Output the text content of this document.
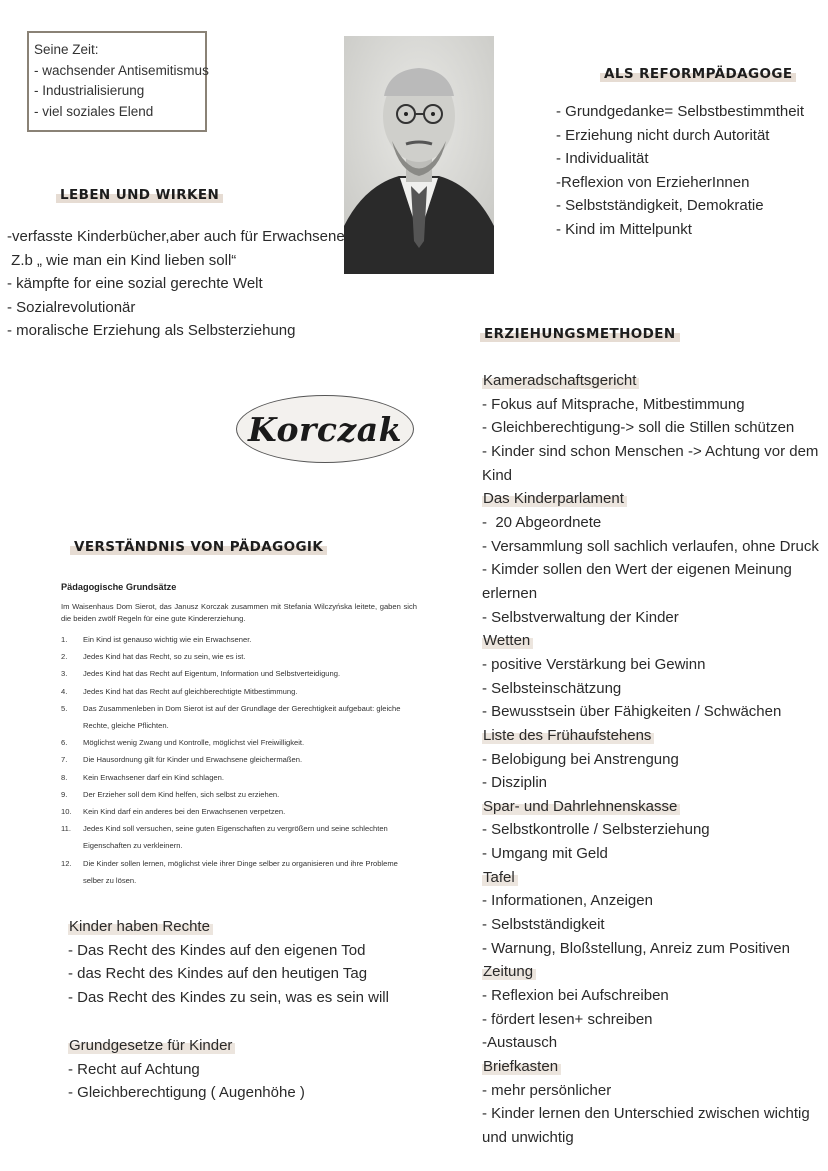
Seine Zeit:
- wachsender Antisemitismus
- Industrialisierung
- viel soziales Elend
LEBEN UND WIRKEN
-verfasste Kinderbücher,aber auch für Erwachsene
Z.b „ wie man ein Kind lieben soll“
- kämpfte for eine sozial gerechte Welt
- Sozialrevolutionär
- moralische Erziehung als Selbsterziehung
ALS REFORMPÄDAGOGE
- Grundgedanke= Selbstbestimmtheit
- Erziehung nicht durch Autorität
- Individualität
-Reflexion von ErzieherInnen
- Selbstständigkeit, Demokratie
- Kind im Mittelpunkt
Korczak
VERSTÄNDNIS VON PÄDAGOGIK
Pädagogische Grundsätze
Im Waisenhaus Dom Sierot, das Janusz Korczak zusammen mit Stefania Wilczyńska leitete, gaben sich die beiden zwölf Regeln für eine gute Kindererziehung.
1.	Ein Kind ist genauso wichtig wie ein Erwachsener.
2.	Jedes Kind hat das Recht, so zu sein, wie es ist.
3.	Jedes Kind hat das Recht auf Eigentum, Information und Selbstverteidigung.
4.	Jedes Kind hat das Recht auf gleichberechtigte Mitbestimmung.
5.	Das Zusammenleben in Dom Sierot ist auf der Grundlage der Gerechtigkeit aufgebaut: gleiche Rechte, gleiche Pflichten.
6.	Möglichst wenig Zwang und Kontrolle, möglichst viel Freiwilligkeit.
7.	Die Hausordnung gilt für Kinder und Erwachsene gleichermaßen.
8.	Kein Erwachsener darf ein Kind schlagen.
9.	Der Erzieher soll dem Kind helfen, sich selbst zu erziehen.
10.	Kein Kind darf ein anderes bei den Erwachsenen verpetzen.
11.	Jedes Kind soll versuchen, seine guten Eigenschaften zu vergrößern und seine schlechten Eigenschaften zu verkleinern.
12.	Die Kinder sollen lernen, möglichst viele ihrer Dinge selber zu organisieren und ihre Probleme selber zu lösen.
Kinder haben Rechte
- Das Recht des Kindes auf den eigenen Tod
- das Recht des Kindes auf den heutigen Tag
- Das Recht des Kindes zu sein, was es sein will
Grundgesetze für Kinder
- Recht auf Achtung
- Gleichberechtigung ( Augenhöhe )
ERZIEHUNGSMETHODEN
Kameradschaftsgericht
- Fokus auf Mitsprache, Mitbestimmung
- Gleichberechtigung-> soll die Stillen schützen
- Kinder sind schon Menschen -> Achtung vor dem Kind
Das Kinderparlament
-  20 Abgeordnete
- Versammlung soll sachlich verlaufen, ohne Druck
- Kimder sollen den Wert der eigenen Meinung erlernen
- Selbstverwaltung der Kinder
Wetten
- positive Verstärkung bei Gewinn
- Selbsteinschätzung
- Bewusstsein über Fähigkeiten / Schwächen
Liste des Frühaufstehens
- Belobigung bei Anstrengung
- Disziplin
Spar- und Dahrlehnenskasse
- Selbstkontrolle / Selbsterziehung
- Umgang mit Geld
Tafel
- Informationen, Anzeigen
- Selbstständigkeit
- Warnung, Bloßstellung, Anreiz zum Positiven
Zeitung
- Reflexion bei Aufschreiben
- fördert lesen+ schreiben
-Austausch
Briefkasten
- mehr persönlicher
- Kinder lernen den Unterschied zwischen wichtig und unwichtig
